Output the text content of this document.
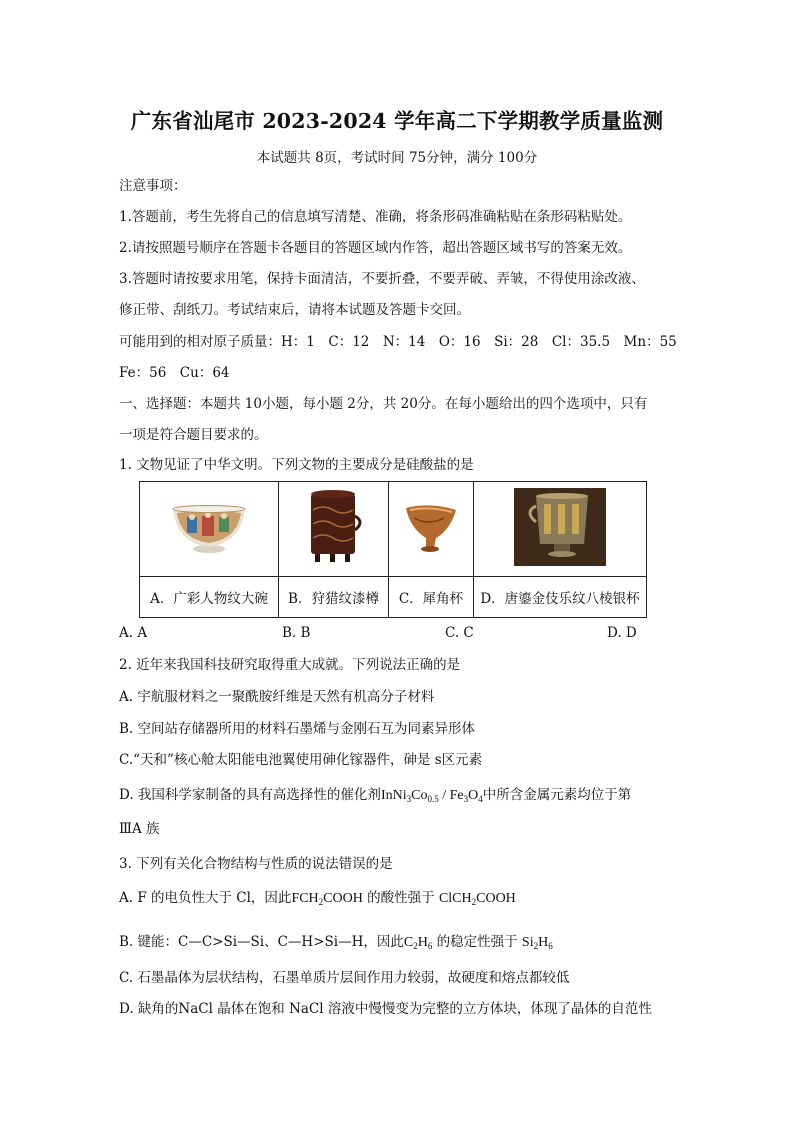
广东省汕尾市 2023-2024 学年高二下学期教学质量监测
本试题共 8页，考试时间 75分钟，满分 100分
注意事项：
1.答题前，考生先将自己的信息填写清楚、准确，将条形码准确粘贴在条形码粘贴处。
2.请按照题号顺序在答题卡各题目的答题区域内作答，超出答题区域书写的答案无效。
3.答题时请按要求用笔，保持卡面清洁，不要折叠，不要弄破、弄皱，不得使用涂改液、
修正带、刮纸刀。考试结束后，请将本试题及答题卡交回。
可能用到的相对原子质量：H：1　C：12　N：14　O：16　Si：28　Cl：35.5　Mn：55
Fe：56　Cu：64
一、选择题：本题共 10小题，每小题 2分，共 20分。在每小题给出的四个选项中，只有
一项是符合题目要求的。
1. 文物见证了中华文明。下列文物的主要成分是硅酸盐的是

A．广彩人物纹大碗	B．狩猎纹漆樽	C．犀角杯	D．唐鎏金伎乐纹八棱银杯
A. A	B. B	C. C	D. D
2. 近年来我国科技研究取得重大成就。下列说法正确的是
A. 宇航服材料之一聚酰胺纤维是天然有机高分子材料
B. 空间站存储器所用的材料石墨烯与金刚石互为同素异形体
C.“天和”核心舱太阳能电池翼使用砷化镓器件，砷是 s区元素
D. 我国科学家制备的具有高选择性的催化剂$InNi_3Co_{0.5} / Fe_3O_4$中所含金属元素均位于第
ⅢA 族
3. 下列有关化合物结构与性质的说法错误的是
A. F 的电负性大于 Cl，因此$FCH_2COOH$ 的酸性强于 ClCH$_2$COOH
B. 键能：C—C>Si—Si、C—H>Si—H，因此$C_2H_6$ 的稳定性强于 $Si_2H_6$
C. 石墨晶体为层状结构，石墨单质片层间作用力较弱，故硬度和熔点都较低
D. 缺角的NaCl 晶体在饱和 NaCl 溶液中慢慢变为完整的立方体块，体现了晶体的自范性
